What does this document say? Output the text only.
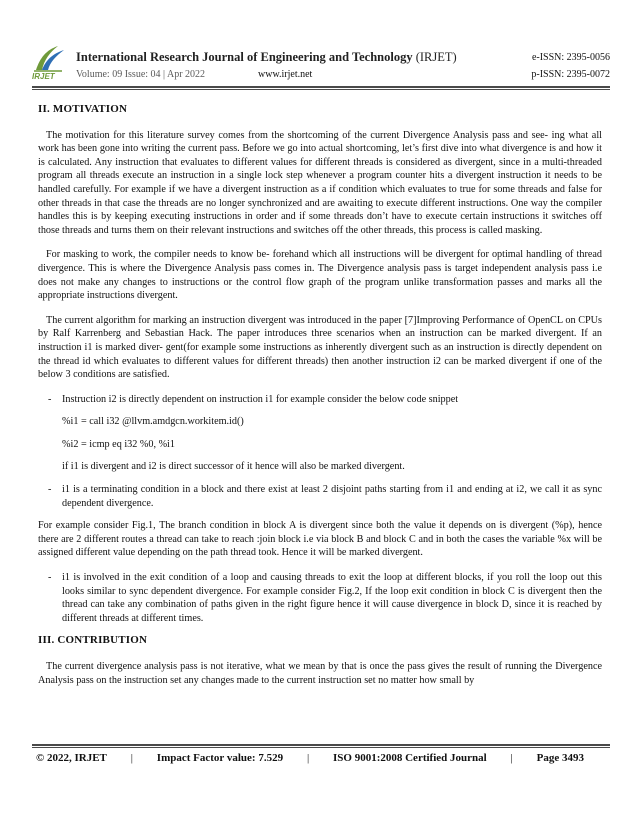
IRJET
International Research Journal of Engineering and Technology (IRJET)	e-ISSN: 2395-0056
Volume: 09 Issue: 04 | Apr 2022	www.irjet.net	p-ISSN: 2395-0072
II. MOTIVATION

The motivation for this literature survey comes from the shortcoming of the current Divergence Analysis pass and see- ing what all work has been gone into writing the current pass. Before we go into actual shortcoming, let’s first dive into what divergence is and how it is calculated. Any instruction that evaluates to different values for different threads is considered as divergent, since in a multi-threaded program all threads execute an instruction in a single lock step whenever a program counter hits a divergent instruction it needs to be handled carefully. For example if we have a divergent instruction as a if condition which evaluates to true for some threads and false for other threads in that case the threads are no longer synchronized and are awaiting to execute different instructions. One way the compiler handles this is by keeping executing instructions in order and if some threads don’t have to execute certain instructions it switches off those threads and turns them on their relevant instructions and switches off the other threads, this process is called masking.

For masking to work, the compiler needs to know be- forehand which all instructions will be divergent for optimal handling of thread divergence. This is where the Divergence Analysis pass comes in. The Divergence analysis pass is target independent analysis pass i.e does not make any changes to instructions or the control flow graph of the program unlike transformation passes and marks all the appropriate instructions divergent.

The current algorithm for marking an instruction divergent was introduced in the paper [7]Improving Performance of OpenCL on CPUs by Ralf Karrenberg and Sebastian Hack. The paper introduces three scenarios when an instruction can be marked divergent. If an instruction i1 is marked diver- gent(for example some instructions as inherently divergent such as an instruction is directly dependent on the thread id which evaluates to different values for different threads) then another instruction i2 can be marked divergent if one of the below 3 conditions are satisfied.

- Instruction i2 is directly dependent on instruction i1 for example consider the below code snippet
%i1 = call i32 @llvm.amdgcn.workitem.id()
%i2 = icmp eq i32 %0, %i1
if i1 is divergent and i2 is direct successor of it hence will also be marked divergent.
- i1 is a terminating condition in a block and there exist at least 2 disjoint paths starting from i1 and ending at i2, we call it as sync dependent divergence.

For example consider Fig.1, The branch condition in block A is divergent since both the value it depends on is divergent (%p), hence there are 2 different routes a thread can take to reach :join block i.e via block B and block C and in both the cases the variable %x will be assigned different value depending on the path thread took. Hence it will be marked divergent.

- i1 is involved in the exit condition of a loop and causing threads to exit the loop at different blocks, if you roll the loop out this looks similar to sync dependent divergence. For example consider Fig.2, If the loop exit condition in block C is divergent then the thread can take any combination of paths given in the right figure hence it will cause divergence in block D, since it is reached by different threads at different times.
III. CONTRIBUTION

The current divergence analysis pass is not iterative, what we mean by that is once the pass gives the result of running the Divergence Analysis pass on the instruction set any changes made to the current instruction set no matter how small by

© 2022, IRJET | Impact Factor value: 7.529 | ISO 9001:2008 Certified Journal | Page 3493
